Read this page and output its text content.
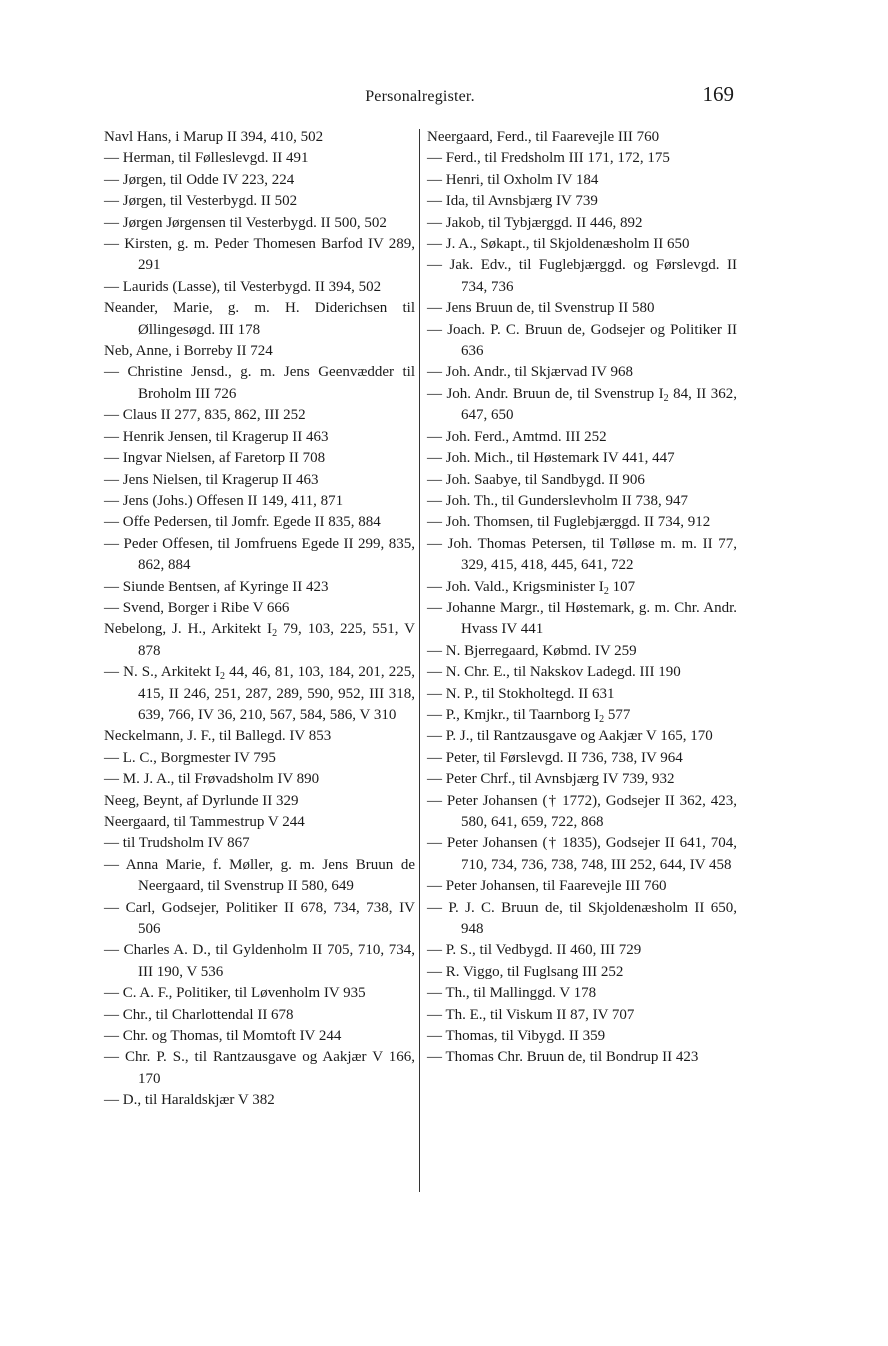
Personalregister.	169

Navl Hans, i Marup II 394, 410, 502

— Herman, til Følleslevgd. II 491

— Jørgen, til Odde IV 223, 224

— Jørgen, til Vesterbygd. II 502

— Jørgen Jørgensen til Vesterbygd. II 500, 502

— Kirsten, g. m. Peder Thomesen Barfod IV 289, 291

— Laurids (Lasse), til Vesterbygd. II 394, 502

Neander, Marie, g. m. H. Diderichsen til Øllingesøgd. III 178

Neb, Anne, i Borreby II 724

— Christine Jensd., g. m. Jens Geenvædder til Broholm III 726

— Claus II 277, 835, 862, III 252

— Henrik Jensen, til Kragerup II 463

— Ingvar Nielsen, af Faretorp II 708

— Jens Nielsen, til Kragerup II 463

— Jens (Johs.) Offesen II 149, 411, 871

— Offe Pedersen, til Jomfr. Egede II 835, 884

— Peder Offesen, til Jomfruens Egede II 299, 835, 862, 884

— Siunde Bentsen, af Kyringe II 423

— Svend, Borger i Ribe V 666

Nebelong, J. H., Arkitekt $I_2$ 79, 103, 225, 551, V 878

— N. S., Arkitekt $I_2$ 44, 46, 81, 103, 184, 201, 225, 415, II 246, 251, 287, 289, 590, 952, III 318, 639, 766, IV 36, 210, 567, 584, 586, V 310

Neckelmann, J. F., til Ballegd. IV 853

— L. C., Borgmester IV 795

— M. J. A., til Frøvadsholm IV 890

Neeg, Beynt, af Dyrlunde II 329

Neergaard, til Tammestrup V 244

— til Trudsholm IV 867

— Anna Marie, f. Møller, g. m. Jens Bruun de Neergaard, til Svenstrup II 580, 649

— Carl, Godsejer, Politiker II 678, 734, 738, IV 506

— Charles A. D., til Gyldenholm II 705, 710, 734, III 190, V 536

— C. A. F., Politiker, til Løvenholm IV 935

— Chr., til Charlottendal II 678

— Chr. og Thomas, til Momtoft IV 244

— Chr. P. S., til Rantzausgave og Aakjær V 166, 170

— D., til Haraldskjær V 382

Neergaard, Ferd., til Faarevejle III 760

— Ferd., til Fredsholm III 171, 172, 175

— Henri, til Oxholm IV 184

— Ida, til Avnsbjærg IV 739

— Jakob, til Tybjærggd. II 446, 892

— J. A., Søkapt., til Skjoldenæsholm II 650

— Jak. Edv., til Fuglebjærggd. og Førslevgd. II 734, 736

— Jens Bruun de, til Svenstrup II 580

— Joach. P. C. Bruun de, Godsejer og Politiker II 636

— Joh. Andr., til Skjærvad IV 968

— Joh. Andr. Bruun de, til Svenstrup $I_2$ 84, II 362, 647, 650

— Joh. Ferd., Amtmd. III 252

— Joh. Mich., til Høstemark IV 441, 447

— Joh. Saabye, til Sandbygd. II 906

— Joh. Th., til Gunderslevholm II 738, 947

— Joh. Thomsen, til Fuglebjærggd. II 734, 912

— Joh. Thomas Petersen, til Tølløse m. m. II 77, 329, 415, 418, 445, 641, 722

— Joh. Vald., Krigsminister $I_2$ 107

— Johanne Margr., til Høstemark, g. m. Chr. Andr. Hvass IV 441

— N. Bjerregaard, Købmd. IV 259

— N. Chr. E., til Nakskov Ladegd. III 190

— N. P., til Stokholtegd. II 631

— P., Kmjkr., til Taarnborg $I_2$ 577

— P. J., til Rantzausgave og Aakjær V 165, 170

— Peter, til Førslevgd. II 736, 738, IV 964

— Peter Chrf., til Avnsbjærg IV 739, 932

— Peter Johansen († 1772), Godsejer II 362, 423, 580, 641, 659, 722, 868

— Peter Johansen († 1835), Godsejer II 641, 704, 710, 734, 736, 738, 748, III 252, 644, IV 458

— Peter Johansen, til Faarevejle III 760

— P. J. C. Bruun de, til Skjoldenæsholm II 650, 948

— P. S., til Vedbygd. II 460, III 729

— R. Viggo, til Fuglsang III 252

— Th., til Mallinggd. V 178

— Th. E., til Viskum II 87, IV 707

— Thomas, til Vibygd. II 359

— Thomas Chr. Bruun de, til Bondrup II 423
